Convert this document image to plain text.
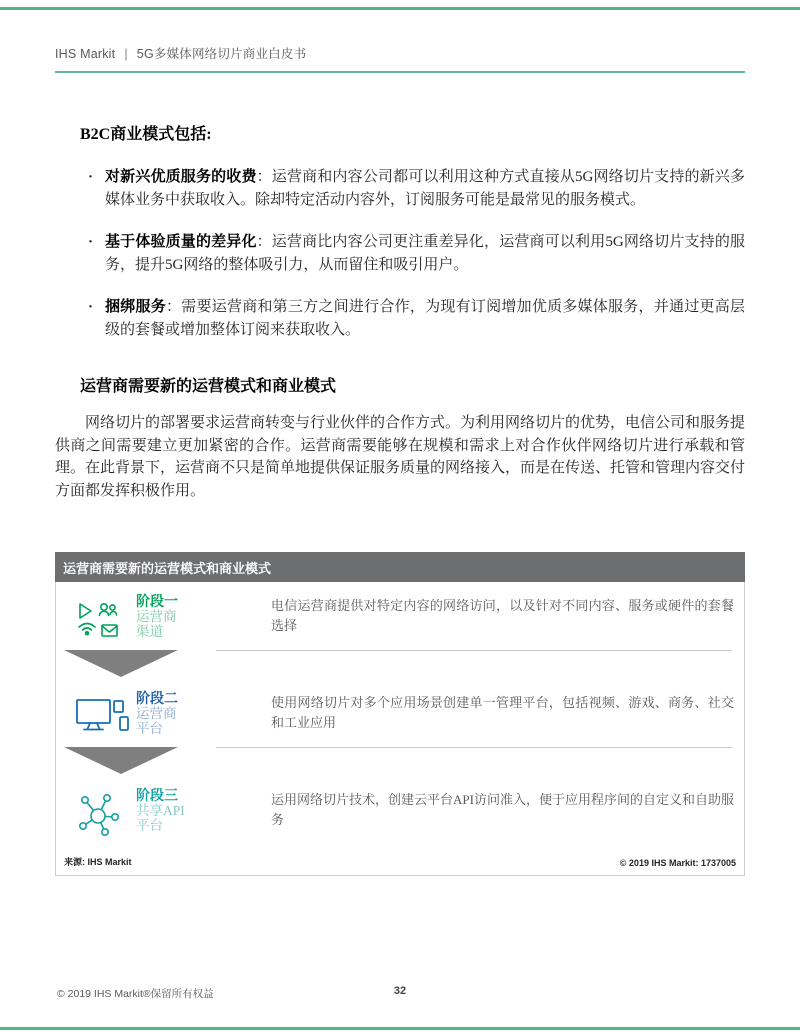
IHS Markit | 5G多媒体网络切片商业白皮书
B2C商业模式包括:
· 对新兴优质服务的收费：运营商和内容公司都可以利用这种方式直接从5G网络切片支持的新兴多媒体业务中获取收入。除却特定活动内容外，订阅服务可能是最常见的服务模式。

· 基于体验质量的差异化：运营商比内容公司更注重差异化，运营商可以利用5G网络切片支持的服务，提升5G网络的整体吸引力，从而留住和吸引用户。

· 捆绑服务：需要运营商和第三方之间进行合作，为现有订阅增加优质多媒体服务，并通过更高层级的套餐或增加整体订阅来获取收入。

运营商需要新的运营模式和商业模式

网络切片的部署要求运营商转变与行业伙伴的合作方式。为利用网络切片的优势，电信公司和服务提供商之间需要建立更加紧密的合作。运营商需要能够在规模和需求上对合作伙伴网络切片进行承载和管理。在此背景下，运营商不只是简单地提供保证服务质量的网络接入，而是在传送、托管和管理内容交付方面都发挥积极作用。

运营商需要新的运营模式和商业模式
阶段一
运营商
渠道
电信运营商提供对特定内容的网络访问，以及针对不同内容、服务或硬件的套餐选择
阶段二
运营商
平台
使用网络切片对多个应用场景创建单一管理平台，包括视频、游戏、商务、社交和工业应用
阶段三
共享API
平台
运用网络切片技术，创建云平台API访问准入，便于应用程序间的自定义和自助服务
来源: IHS Markit	© 2019 IHS Markit: 1737005
© 2019 IHS Markit®保留所有权益	32
